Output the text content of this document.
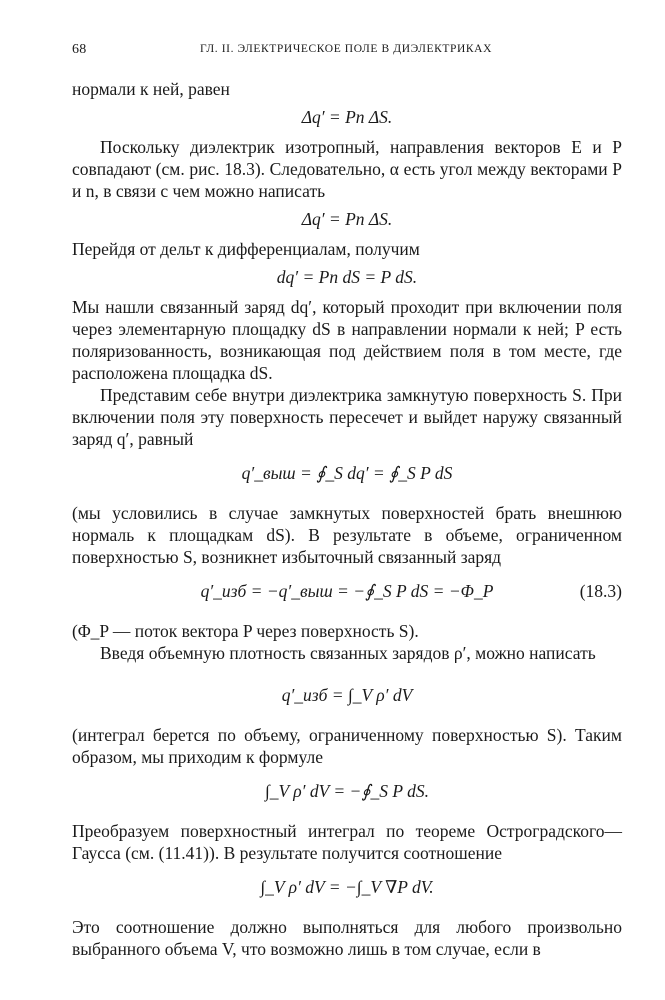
68	ГЛ. II. ЭЛЕКТРИЧЕСКОЕ ПОЛЕ В ДИЭЛЕКТРИКАХ

нормали к ней, равен

Δq′ = Pn ΔS.

Поскольку диэлектрик изотропный, направления векторов E и P совпадают (см. рис. 18.3). Следовательно, α есть угол между векторами P и n, в связи с чем можно написать

Δq′ = Pn ΔS.

Перейдя от дельт к дифференциалам, получим

dq′ = Pn dS = P dS.

Мы нашли связанный заряд dq′, который проходит при включении поля через элементарную площадку dS в направлении нормали к ней; P есть поляризованность, возникающая под действием поля в том месте, где расположена площадка dS.

Представим себе внутри диэлектрика замкнутую поверхность S. При включении поля эту поверхность пересечет и выйдет наружу связанный заряд q′, равный

q′_выш = ∮_S dq′ = ∮_S P dS

(мы условились в случае замкнутых поверхностей брать внешнюю нормаль к площадкам dS). В результате в объеме, ограниченном поверхностью S, возникнет избыточный связанный заряд

q′_изб = −q′_выш = −∮_S P dS = −Φ_P	(18.3)

(Φ_P — поток вектора P через поверхность S).

Введя объемную плотность связанных зарядов ρ′, можно написать

q′_изб = ∫_V ρ′ dV

(интеграл берется по объему, ограниченному поверхностью S). Таким образом, мы приходим к формуле

∫_V ρ′ dV = −∮_S P dS.

Преобразуем поверхностный интеграл по теореме Остроградского—Гаусса (см. (11.41)). В результате получится соотношение

∫_V ρ′ dV = −∫_V ∇P dV.

Это соотношение должно выполняться для любого произвольно выбранного объема V, что возможно лишь в том случае, если в
